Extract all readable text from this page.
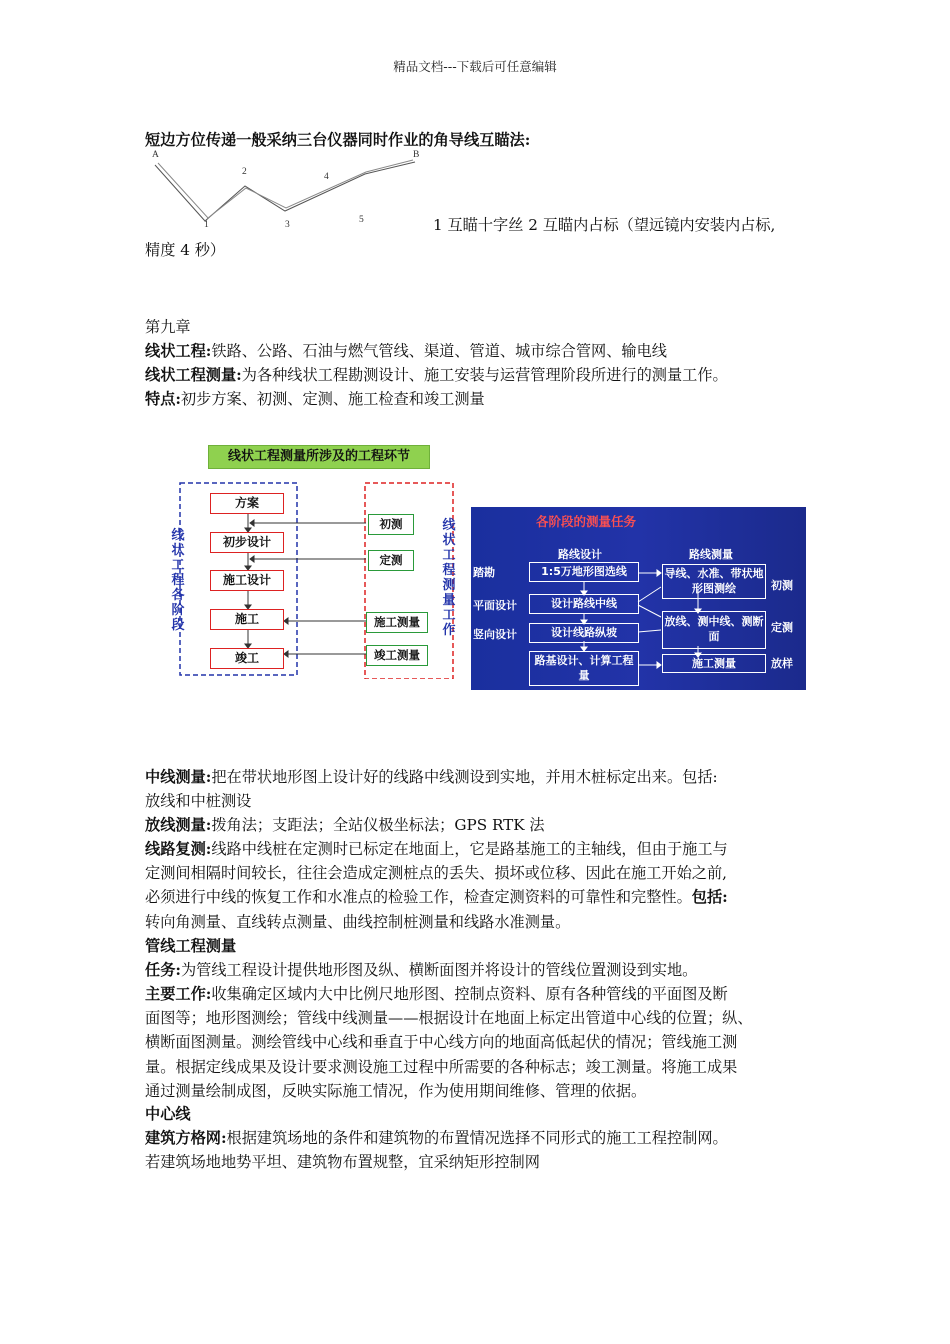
精品文档---下载后可任意编辑
短边方位传递一般采纳三台仪器同时作业的角导线互瞄法:
A	B
1
2
3
4
5	1 互瞄十字丝 2 互瞄内占标（望远镜内安装内占标,
精度 4 秒）
第九章
线状工程:铁路、公路、石油与燃气管线、渠道、管道、城市综合管网、输电线
线状工程测量:为各种线状工程勘测设计、施工安装与运营管理阶段所进行的测量工作。
特点:初步方案、初测、定测、施工检查和竣工测量
线状工程测量所涉及的工程环节
方案
初步设计
施工设计
施工
竣工
初测
定测
施工测量
竣工测量
线状工程各阶段
线状工程测量工作
各阶段的测量任务
路线设计	路线测量
踏勘
平面设计
竖向设计
1:5万地形图选线
设计路线中线
设计线路纵坡
路基设计、计算工程量
导线、水准、带状地形图测绘
放线、测中线、测断面
施工测量
初测
定测
放样
中线测量:把在带状地形图上设计好的线路中线测设到实地，并用木桩标定出来。包括:
放线和中桩测设
放线测量:拨角法；支距法；全站仪极坐标法；GPS RTK 法
线路复测:线路中线桩在定测时已标定在地面上，它是路基施工的主轴线，但由于施工与
定测间相隔时间较长，往往会造成定测桩点的丢失、损坏或位移、因此在施工开始之前,
必须进行中线的恢复工作和水准点的检验工作，检查定测资料的可靠性和完整性。包括:
转向角测量、直线转点测量、曲线控制桩测量和线路水准测量。
管线工程测量
任务:为管线工程设计提供地形图及纵、横断面图并将设计的管线位置测设到实地。
主要工作:收集确定区域内大中比例尺地形图、控制点资料、原有各种管线的平面图及断
面图等；地形图测绘；管线中线测量——根据设计在地面上标定出管道中心线的位置；纵、
横断面图测量。测绘管线中心线和垂直于中心线方向的地面高低起伏的情况；管线施工测
量。根据定线成果及设计要求测设施工过程中所需要的各种标志；竣工测量。将施工成果
通过测量绘制成图，反映实际施工情况，作为使用期间维修、管理的依据。
中心线
建筑方格网:根据建筑场地的条件和建筑物的布置情况选择不同形式的施工工程控制网。
若建筑场地地势平坦、建筑物布置规整，宜采纳矩形控制网
